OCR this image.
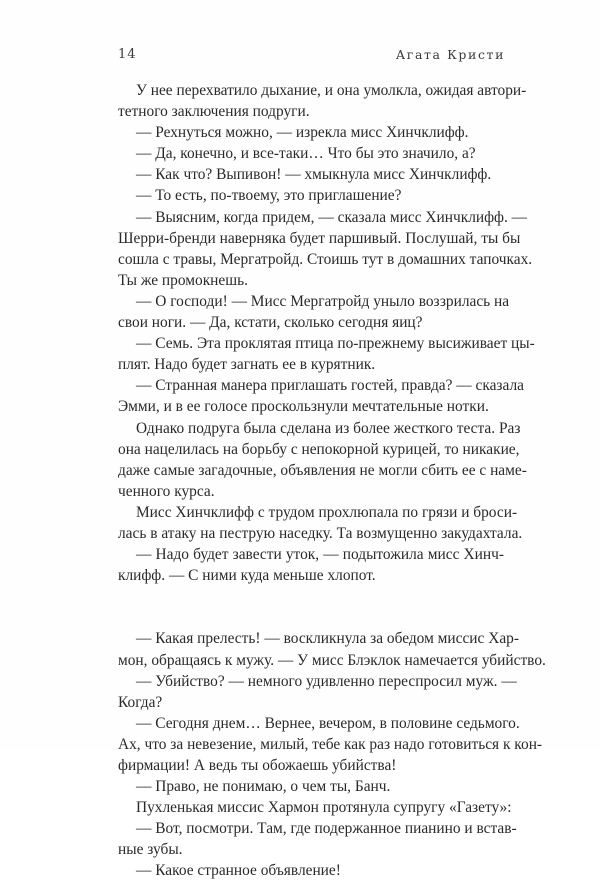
14	Агата Кристи
У нее перехватило дыхание, и она умолкла, ожидая автори-
тетного заключения подруги.
— Рехнуться можно, — изрекла мисс Хинчклифф.
— Да, конечно, и все-таки… Что бы это значило, а?
— Как что? Выпивон! — хмыкнула мисс Хинчклифф.
— То есть, по-твоему, это приглашение?
— Выясним, когда придем, — сказала мисс Хинчклифф. —
Шерри-бренди наверняка будет паршивый. Послушай, ты бы
сошла с травы, Мергатройд. Стоишь тут в домашних тапочках.
Ты же промокнешь.
— О господи! — Мисс Мергатройд уныло воззрилась на
свои ноги. — Да, кстати, сколько сегодня яиц?
— Семь. Эта проклятая птица по-прежнему высиживает цы-
плят. Надо будет загнать ее в курятник.
— Странная манера приглашать гостей, правда? — сказала
Эмми, и в ее голосе проскользнули мечтательные нотки.
Однако подруга была сделана из более жесткого теста. Раз
она нацелилась на борьбу с непокорной курицей, то никакие,
даже самые загадочные, объявления не могли сбить ее с наме-
ченного курса.
Мисс Хинчклифф с трудом прохлюпала по грязи и броси-
лась в атаку на пеструю наседку. Та возмущенно закудахтала.
— Надо будет завести уток, — подытожила мисс Хинч-
клифф. — С ними куда меньше хлопот.
— Какая прелесть! — воскликнула за обедом миссис Хар-
мон, обращаясь к мужу. — У мисс Блэклок намечается убийство.
— Убийство? — немного удивленно переспросил муж. —
Когда?
— Сегодня днем… Вернее, вечером, в половине седьмого.
Ах, что за невезение, милый, тебе как раз надо готовиться к кон-
фирмации! А ведь ты обожаешь убийства!
— Право, не понимаю, о чем ты, Банч.
Пухленькая миссис Хармон протянула супругу «Газету»:
— Вот, посмотри. Там, где подержанное пианино и встав-
ные зубы.
— Какое странное объявление!
